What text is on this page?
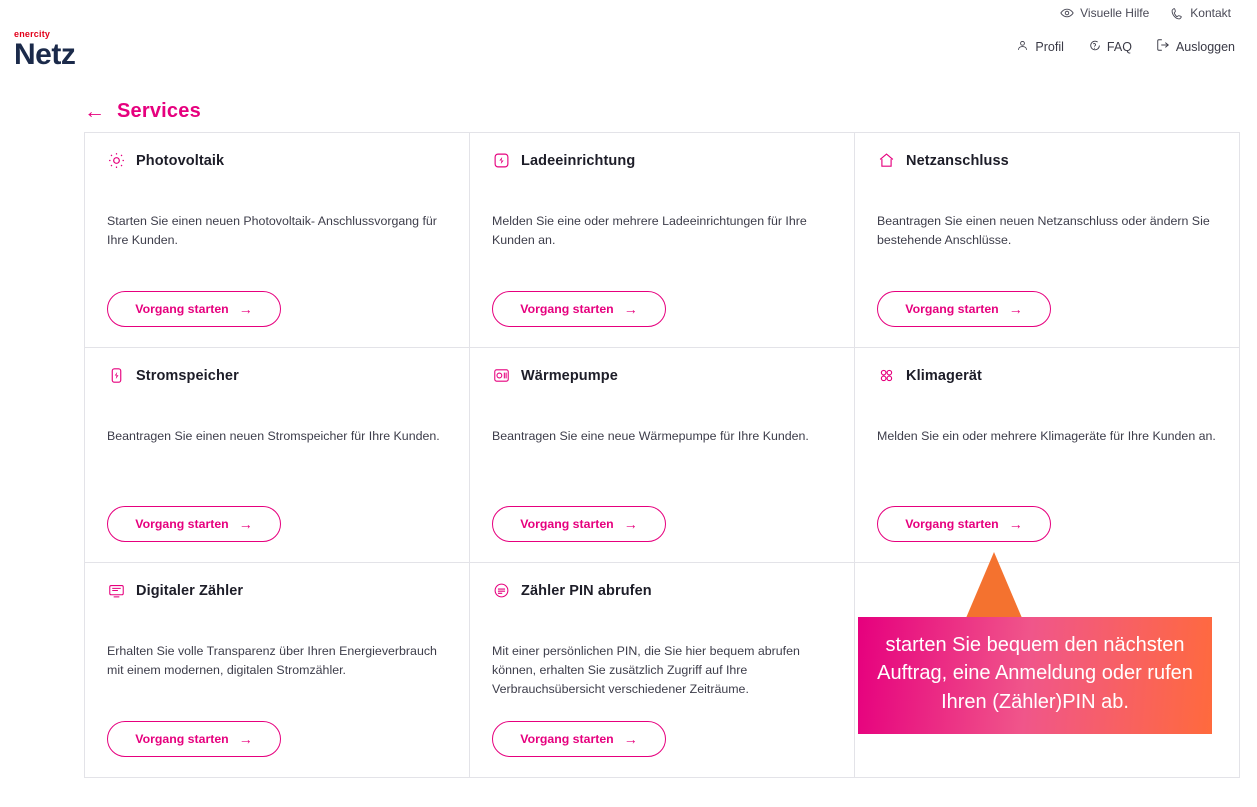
Visuelle Hilfe	Kontakt
enercity
Netz	Profil	FAQ	Ausloggen
← Services
Photovoltaik
Starten Sie einen neuen Photovoltaik- Anschlussvorgang für Ihre Kunden.
Vorgang starten →
Ladeeinrichtung
Melden Sie eine oder mehrere Ladeeinrichtungen für Ihre Kunden an.
Vorgang starten →
Netzanschluss
Beantragen Sie einen neuen Netzanschluss oder ändern Sie bestehende Anschlüsse.
Vorgang starten →
Stromspeicher
Beantragen Sie einen neuen Stromspeicher für Ihre Kunden.
Vorgang starten →
Wärmepumpe
Beantragen Sie eine neue Wärmepumpe für Ihre Kunden.
Vorgang starten →
Klimagerät
Melden Sie ein oder mehrere Klimageräte für Ihre Kunden an.
Vorgang starten →
Digitaler Zähler
Erhalten Sie volle Transparenz über Ihren Energieverbrauch mit einem modernen, digitalen Stromzähler.
Vorgang starten →
Zähler PIN abrufen
Mit einer persönlichen PIN, die Sie hier bequem abrufen können, erhalten Sie zusätzlich Zugriff auf Ihre Verbrauchsübersicht verschiedener Zeiträume.
Vorgang starten →
starten Sie bequem den nächsten Auftrag, eine Anmeldung oder rufen Ihren (Zähler)PIN ab.
